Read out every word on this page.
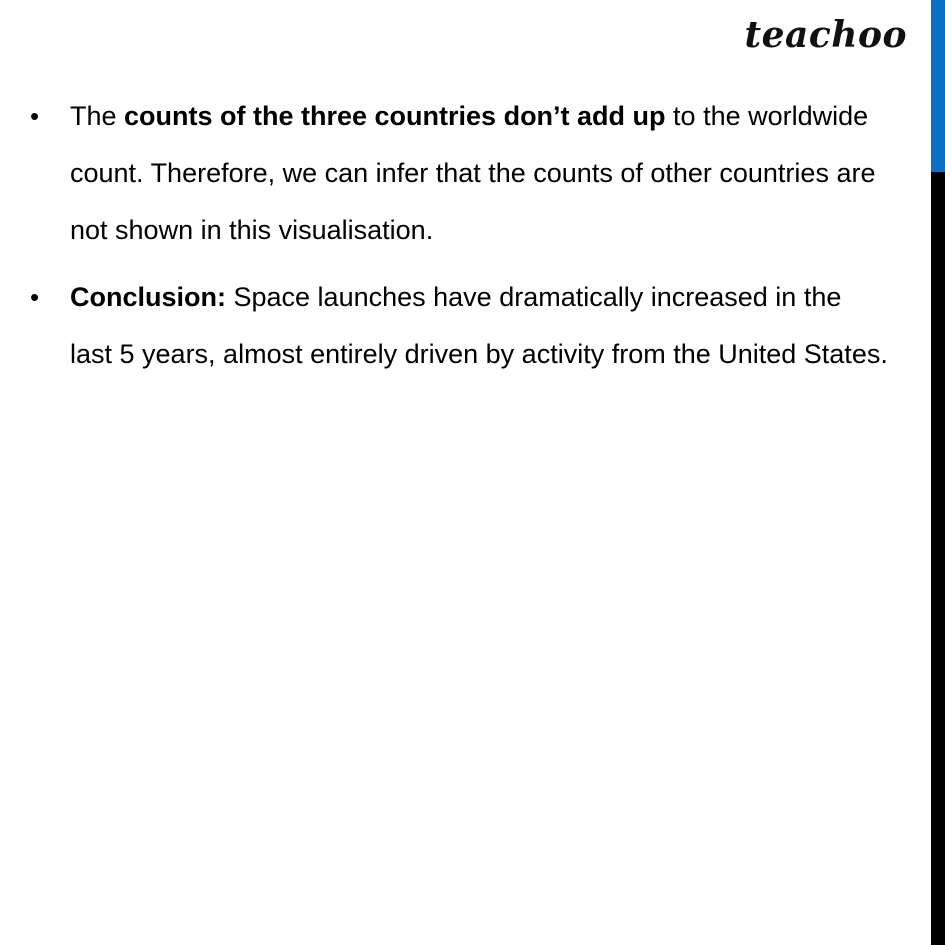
teachoo
• The counts of the three countries don’t add up to the worldwide count. Therefore, we can infer that the counts of other countries are not shown in this visualisation.
• Conclusion: Space launches have dramatically increased in the last 5 years, almost entirely driven by activity from the United States.
